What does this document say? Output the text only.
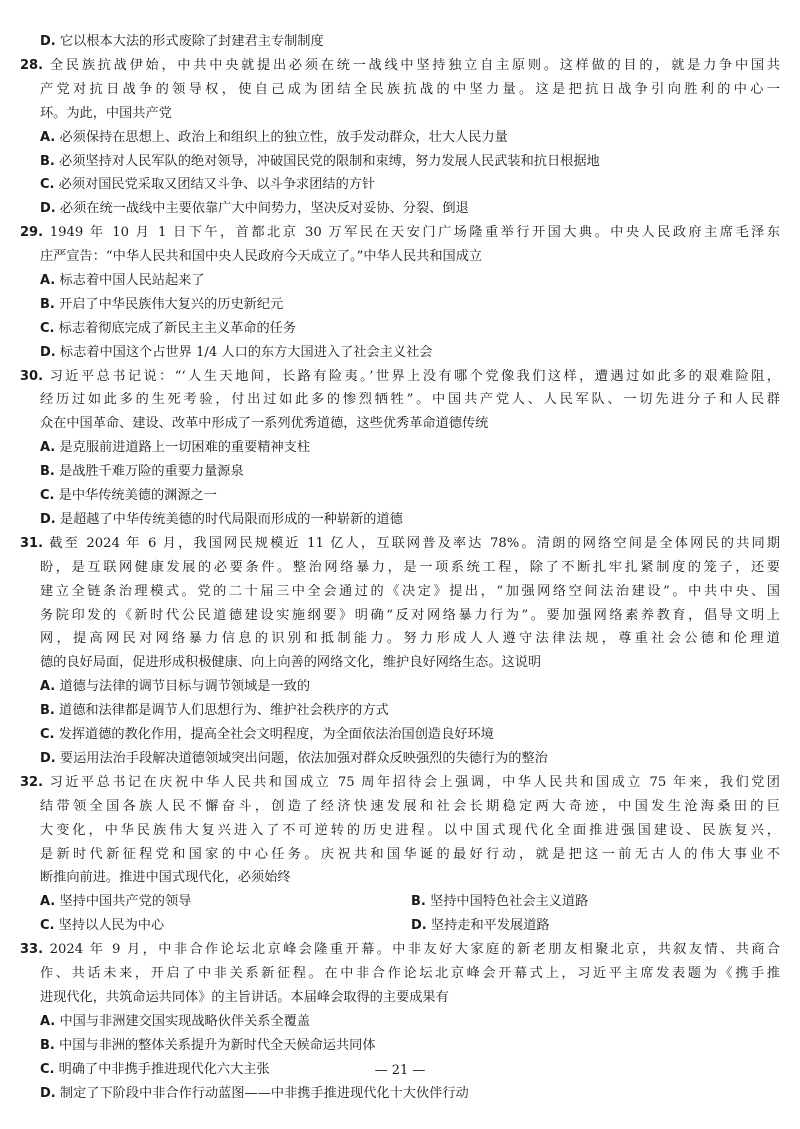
A. 坚持中国共产党的领导	B. 坚持中国特色社会主义道路
C. 坚持以人民为中心	D. 坚持走和平发展道路
— 21 —
D. 它以根本大法的形式废除了封建君主专制制度
28. 全民族抗战伊始，中共中央就提出必须在统一战线中坚持独立自主原则。这样做的目的，就是力争中国共
产党对抗日战争的领导权，使自己成为团结全民族抗战的中坚力量。这是把抗日战争引向胜利的中心一
环。为此，中国共产党
A. 必须保持在思想上、政治上和组织上的独立性，放手发动群众，壮大人民力量
B. 必须坚持对人民军队的绝对领导，冲破国民党的限制和束缚，努力发展人民武装和抗日根据地
C. 必须对国民党采取又团结又斗争、以斗争求团结的方针
D. 必须在统一战线中主要依靠广大中间势力，坚决反对妥协、分裂、倒退
29. 1949 年 10 月 1 日下午，首都北京 30 万军民在天安门广场隆重举行开国大典。中央人民政府主席毛泽东
庄严宣告：“中华人民共和国中央人民政府今天成立了。”中华人民共和国成立
A. 标志着中国人民站起来了
B. 开启了中华民族伟大复兴的历史新纪元
C. 标志着彻底完成了新民主主义革命的任务
D. 标志着中国这个占世界 1/4 人口的东方大国进入了社会主义社会
30. 习近平总书记说：“‘人生天地间，长路有险夷。’世界上没有哪个党像我们这样，遭遇过如此多的艰难险阻，
经历过如此多的生死考验，付出过如此多的惨烈牺牲”。中国共产党人、人民军队、一切先进分子和人民群
众在中国革命、建设、改革中形成了一系列优秀道德，这些优秀革命道德传统
A. 是克服前进道路上一切困难的重要精神支柱
B. 是战胜千难万险的重要力量源泉
C. 是中华传统美德的渊源之一
D. 是超越了中华传统美德的时代局限而形成的一种崭新的道德
31. 截至 2024 年 6 月，我国网民规模近 11 亿人，互联网普及率达 78%。清朗的网络空间是全体网民的共同期
盼，是互联网健康发展的必要条件。整治网络暴力，是一项系统工程，除了不断扎牢扎紧制度的笼子，还要
建立全链条治理模式。党的二十届三中全会通过的《决定》提出，“加强网络空间法治建设”。中共中央、国
务院印发的《新时代公民道德建设实施纲要》明确“反对网络暴力行为”。要加强网络素养教育，倡导文明上
网，提高网民对网络暴力信息的识别和抵制能力。努力形成人人遵守法律法规，尊重社会公德和伦理道
德的良好局面，促进形成积极健康、向上向善的网络文化，维护良好网络生态。这说明
A. 道德与法律的调节目标与调节领域是一致的
B. 道德和法律都是调节人们思想行为、维护社会秩序的方式
C. 发挥道德的教化作用，提高全社会文明程度，为全面依法治国创造良好环境
D. 要运用法治手段解决道德领域突出问题，依法加强对群众反映强烈的失德行为的整治
32. 习近平总书记在庆祝中华人民共和国成立 75 周年招待会上强调，中华人民共和国成立 75 年来，我们党团
结带领全国各族人民不懈奋斗，创造了经济快速发展和社会长期稳定两大奇迹，中国发生沧海桑田的巨
大变化，中华民族伟大复兴进入了不可逆转的历史进程。以中国式现代化全面推进强国建设、民族复兴，
是新时代新征程党和国家的中心任务。庆祝共和国华诞的最好行动，就是把这一前无古人的伟大事业不
断推向前进。推进中国式现代化，必须始终
33. 2024 年 9 月，中非合作论坛北京峰会隆重开幕。中非友好大家庭的新老朋友相聚北京，共叙友情、共商合
作、共话未来，开启了中非关系新征程。在中非合作论坛北京峰会开幕式上，习近平主席发表题为《携手推
进现代化，共筑命运共同体》的主旨讲话。本届峰会取得的主要成果有
A. 中国与非洲建交国实现战略伙伴关系全覆盖
B. 中国与非洲的整体关系提升为新时代全天候命运共同体
C. 明确了中非携手推进现代化六大主张
D. 制定了下阶段中非合作行动蓝图——中非携手推进现代化十大伙伴行动
